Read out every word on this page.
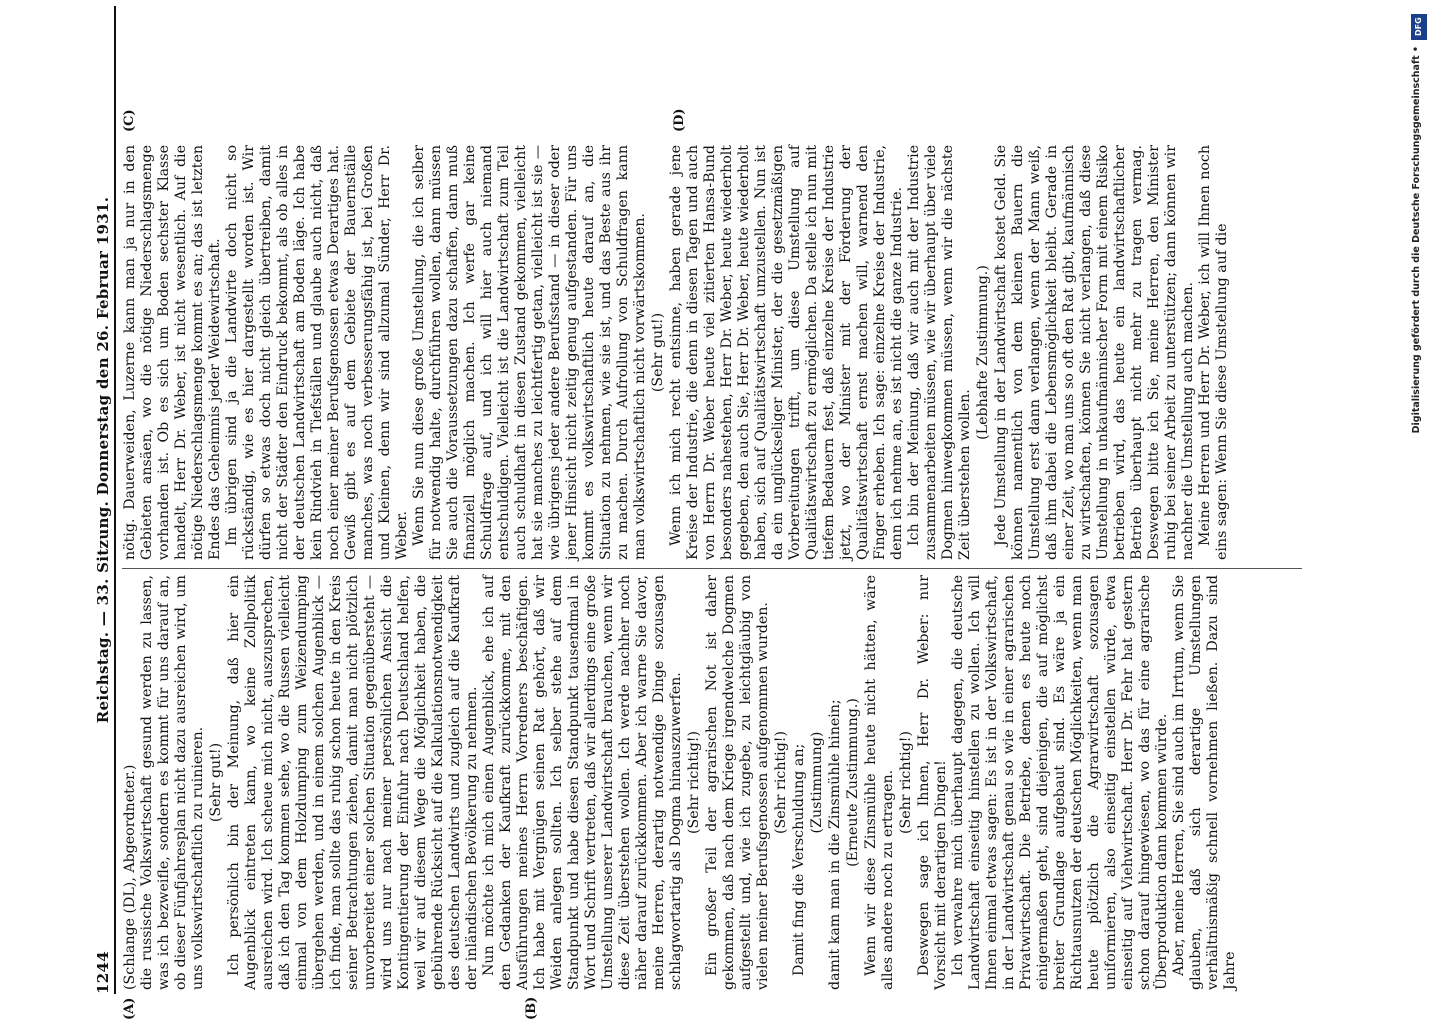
DFG
Digitalisierung gefördert durch die Deutsche Forschungsgemeinschaft •
1244
Reichstag. — 33. Sitzung. Donnerstag den 26. Februar 1931.
(A)	(B)
(C)	(D)

(Schlange (DL), Abgeordneter.) die russische Volkswirtschaft gesund werden zu lassen, was ich bezweifle, sondern es kommt für uns darauf an, ob dieser Fünfjahresplan nicht dazu ausreichen wird, um uns volkswirtschaftlich zu ruinieren. (Sehr gut!) Ich persönlich bin der Meinung, daß hier ein Augenblick eintreten kann, wo keine Zollpolitik ausreichen wird. Ich scheue mich nicht, auszusprechen, daß ich den Tag kommen sehe, wo die Russen vielleicht einmal von dem Holzdumping zum Weizendumping übergehen werden, und in einem solchen Augenblick — ich finde, man sollte das ruhig schon heute in den Kreis seiner Betrachtungen ziehen, damit man nicht plötzlich unvorbereitet einer solchen Situation gegenübersteht — wird uns nur nach meiner persönlichen Ansicht die Kontingentierung der Einfuhr nach Deutschland helfen, weil wir auf diesem Wege die Möglichkeit haben, die gebührende Rücksicht auf die Kalkulationsnotwendigkeit des deutschen Landwirts und zugleich auf die Kaufkraft der inländischen Bevölkerung zu nehmen. Nun möchte ich mich einen Augenblick, ehe ich auf den Gedanken der Kaufkraft zurückkomme, mit den Ausführungen meines Herrn Vorredners beschäftigen. Ich habe mit Vergnügen seinen Rat gehört, daß wir Weiden anlegen sollten. Ich selber stehe auf dem Standpunkt und habe diesen Standpunkt tausendmal in Wort und Schrift vertreten, daß wir allerdings eine große Umstellung unserer Landwirtschaft brauchen, wenn wir diese Zeit überstehen wollen. Ich werde nachher noch näher darauf zurückkommen. Aber ich warne Sie davor, meine Herren, derartig notwendige Dinge sozusagen schlagwortartig als Dogma hinauszuwerfen. (Sehr richtig!) Ein großer Teil der agrarischen Not ist daher gekommen, daß nach dem Kriege irgendwelche Dogmen aufgestellt und, wie ich zugebe, zu leichtgläubig von vielen meiner Berufsgenossen aufgenommen wurden. (Sehr richtig!) Damit fing die Verschuldung an; (Zustimmung) damit kam man in die Zinsmühle hinein; (Erneute Zustimmung.) Wenn wir diese Zinsmühle heute nicht hätten, wäre alles andere noch zu ertragen. (Sehr richtig!) Deswegen sage ich Ihnen, Herr Dr. Weber: nur Vorsicht mit derartigen Dingen! Ich verwahre mich überhaupt dagegen, die deutsche Landwirtschaft einseitig hinstellen zu wollen. Ich will Ihnen einmal etwas sagen: Es ist in der Volkswirtschaft, in der Landwirtschaft genau so wie in einer agrarischen Privatwirtschaft. Die Betriebe, denen es heute noch einigermaßen geht, sind diejenigen, die auf möglichst breiter Grundlage aufgebaut sind. Es wäre ja ein Richtausnutzen der deutschen Möglichkeiten, wenn man heute plötzlich die Agrarwirtschaft sozusagen uniformieren, also einseitig einstellen würde, etwa einseitig auf Viehwirtschaft. Herr Dr. Fehr hat gestern schon darauf hingewiesen, wo das für eine agrarische Überproduktion dann kommen würde. Aber, meine Herren, Sie sind auch im Irrtum, wenn Sie glauben, daß sich derartige Umstellungen verhältnismäßig schnell vornehmen ließen. Dazu sind Jahre

nötig. Dauerweiden, Luzerne kann man ja nur in den Gebieten ansäen, wo die nötige Niederschlagsmenge vorhanden ist. Ob es sich um Boden sechster Klasse handelt, Herr Dr. Weber, ist nicht wesentlich. Auf die nötige Niederschlagsmenge kommt es an; das ist letzten Endes das Geheimnis jeder Weidewirtschaft. Im übrigen sind ja die Landwirte doch nicht so rückständig, wie es hier dargestellt worden ist. Wir dürfen so etwas doch nicht gleich übertreiben, damit nicht der Städter den Eindruck bekommt, als ob alles in der deutschen Landwirtschaft am Boden läge. Ich habe kein Rindvieh in Tiefställen und glaube auch nicht, daß noch einer meiner Berufsgenossen etwas Derartiges hat. Gewiß gibt es auf dem Gebiete der Bauernställe manches, was noch verbesserungsfähig ist, bei Großen und Kleinen, denn wir sind allzumal Sünder, Herr Dr. Weber. Wenn Sie nun diese große Umstellung, die ich selber für notwendig halte, durchführen wollen, dann müssen Sie auch die Voraussetzungen dazu schaffen, dann muß finanziell möglich machen. Ich werfe gar keine Schuldfrage auf, und ich will hier auch niemand entschuldigen. Vielleicht ist die Landwirtschaft zum Teil auch schuldhaft in diesen Zustand gekommen, vielleicht hat sie manches zu leichtfertig getan, vielleicht ist sie — wie übrigens jeder andere Berufsstand — in dieser oder jener Hinsicht nicht zeitig genug aufgestanden. Für uns kommt es volkswirtschaftlich heute darauf an, die Situation zu nehmen, wie sie ist, und das Beste aus ihr zu machen. Durch Aufrollung von Schuldfragen kann man volkswirtschaftlich nicht vorwärtskommen. (Sehr gut!) Wenn ich mich recht entsinne, haben gerade jene Kreise der Industrie, die denn in diesen Tagen und auch von Herrn Dr. Weber heute viel zitierten Hansa-Bund besonders nahestehen, Herr Dr. Weber, heute wiederholt gegeben, den auch Sie, Herr Dr. Weber, heute wiederholt haben, sich auf Qualitätswirtschaft umzustellen. Nun ist da ein unglückseliger Minister, der die gesetzmäßigen Vorbereitungen trifft, um diese Umstellung auf Qualitätswirtschaft zu ermöglichen. Da stelle ich nun mit tiefem Bedauern fest, daß einzelne Kreise der Industrie jetzt, wo der Minister mit der Förderung der Qualitätswirtschaft ernst machen will, warnend den Finger erheben. Ich sage: einzelne Kreise der Industrie, denn ich nehme an, es ist nicht die ganze Industrie. Ich bin der Meinung, daß wir auch mit der Industrie zusammenarbeiten müssen, wie wir überhaupt über viele Dogmen hinwegkommen müssen, wenn wir die nächste Zeit überstehen wollen.

(Lebhafte Zustimmung.) Jede Umstellung in der Landwirtschaft kostet Geld. Sie können namentlich von dem kleinen Bauern die Umstellung erst dann verlangen, wenn der Mann weiß, daß ihm dabei die Lebensmöglichkeit bleibt. Gerade in einer Zeit, wo man uns so oft den Rat gibt, kaufmännisch zu wirtschaften, können Sie nicht verlangen, daß diese Umstellung in unkaufmännischer Form mit einem Risiko betrieben wird, das heute ein landwirtschaftlicher Betrieb überhaupt nicht mehr zu tragen vermag. Deswegen bitte ich Sie, meine Herren, den Minister ruhig bei seiner Arbeit zu unterstützen; dann können wir nachher die Umstellung auch machen. Meine Herren und Herr Dr. Weber, ich will Ihnen noch eins sagen: Wenn Sie diese Umstellung auf die
